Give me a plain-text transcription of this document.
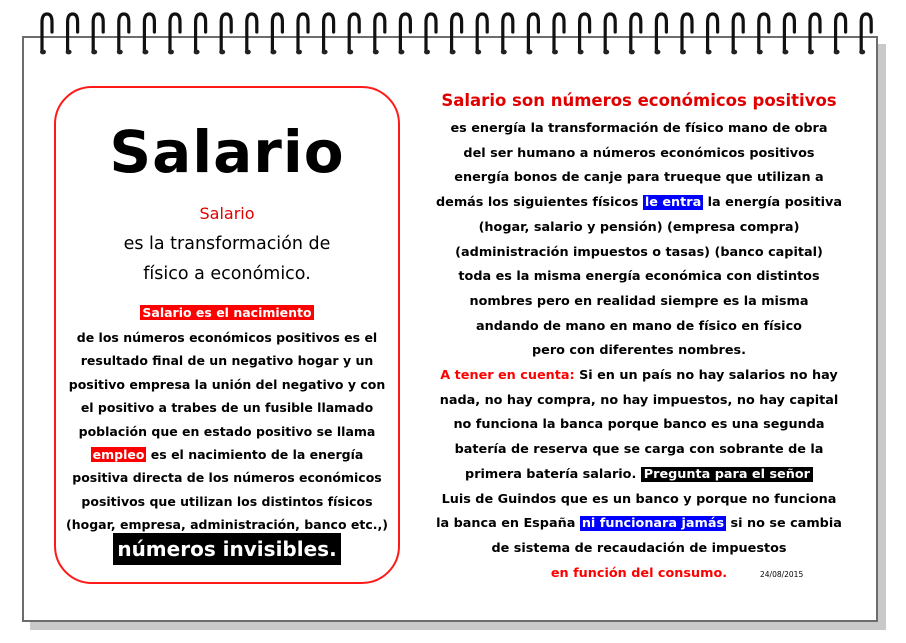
Salario
Salario
es la transformación de
físico a económico.
Salario es el nacimiento
de los números económicos positivos es el
resultado final de un negativo hogar y un
positivo empresa la unión del negativo y con
el positivo a trabes de un fusible llamado
población que en estado positivo se llama
empleo es el nacimiento de la energía
positiva directa de los números económicos
positivos que utilizan los distintos físicos
(hogar, empresa, administración, banco etc.,)
números invisibles.
Salario son números económicos positivos
es energía la transformación de físico mano de obra
del ser humano a números económicos positivos
energía bonos de canje para trueque que utilizan a
demás los siguientes físicos le entra la energía positiva
(hogar, salario y pensión) (empresa compra)
(administración impuestos o tasas) (banco capital)
toda es la misma energía económica con distintos
nombres pero en realidad siempre es la misma
andando de mano en mano de físico en físico
pero con diferentes nombres.
A tener en cuenta: Si en un país no hay salarios no hay
nada, no hay compra, no hay impuestos, no hay capital
no funciona la banca porque banco es una segunda
batería de reserva que se carga con sobrante de la
primera batería salario. Pregunta para el señor
Luis de Guindos que es un banco y porque no funciona
la banca en España ni funcionara jamás si no se cambia
de sistema de recaudación de impuestos
en función del consumo.	24/08/2015
